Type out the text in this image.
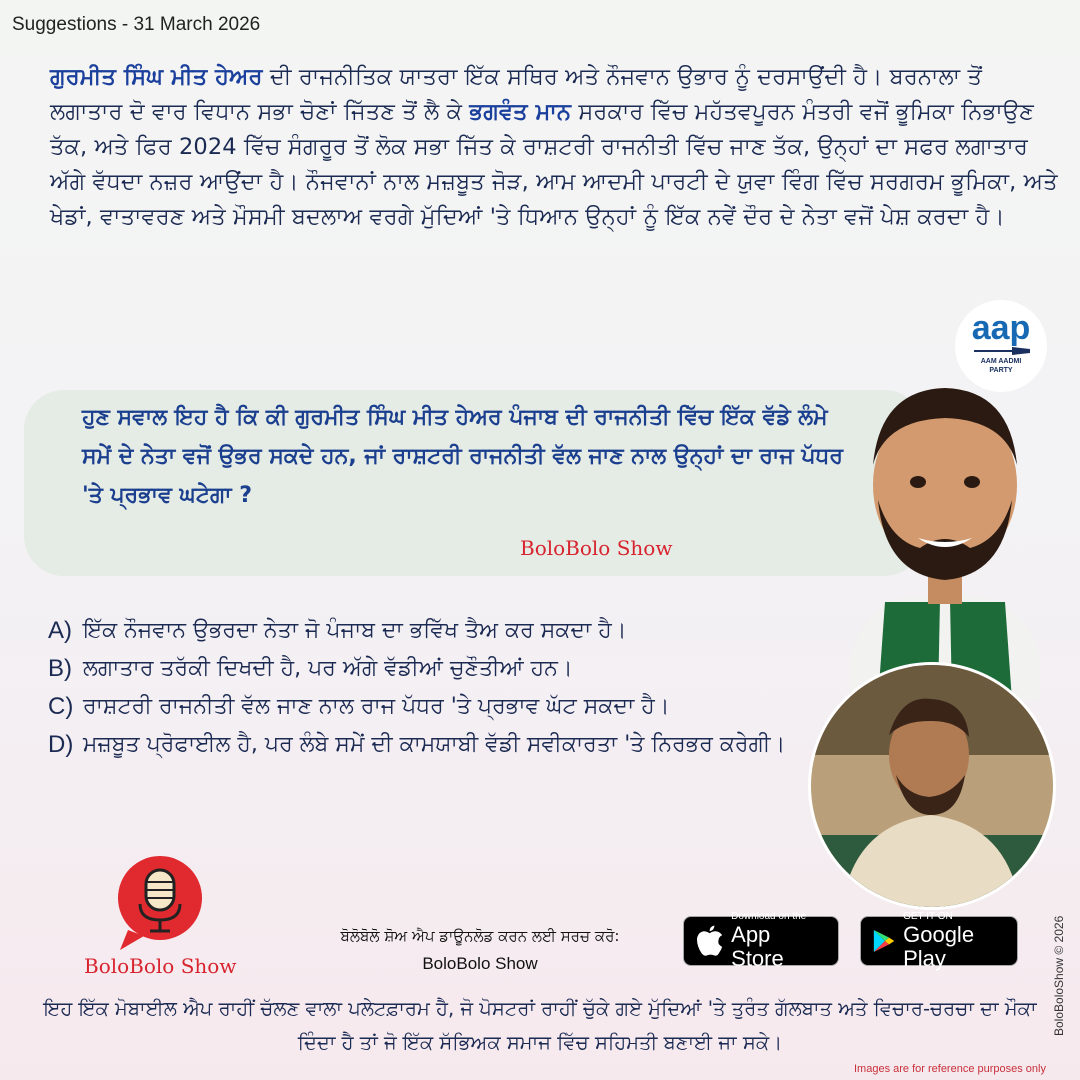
Suggestions - 31 March 2026
ਗੁਰਮੀਤ ਸਿੰਘ ਮੀਤ ਹੇਅਰ ਦੀ ਰਾਜਨੀਤਿਕ ਯਾਤਰਾ ਇੱਕ ਸਥਿਰ ਅਤੇ ਨੌਜਵਾਨ ਉਭਾਰ ਨੂੰ ਦਰਸਾਉਂਦੀ ਹੈ। ਬਰਨਾਲਾ ਤੋਂ ਲਗਾਤਾਰ ਦੋ ਵਾਰ ਵਿਧਾਨ ਸਭਾ ਚੋਣਾਂ ਜਿੱਤਣ ਤੋਂ ਲੈ ਕੇ ਭਗਵੰਤ ਮਾਨ ਸਰਕਾਰ ਵਿੱਚ ਮਹੱਤਵਪੂਰਨ ਮੰਤਰੀ ਵਜੋਂ ਭੂਮਿਕਾ ਨਿਭਾਉਣ ਤੱਕ, ਅਤੇ ਫਿਰ 2024 ਵਿੱਚ ਸੰਗਰੂਰ ਤੋਂ ਲੋਕ ਸਭਾ ਜਿੱਤ ਕੇ ਰਾਸ਼ਟਰੀ ਰਾਜਨੀਤੀ ਵਿੱਚ ਜਾਣ ਤੱਕ, ਉਨ੍ਹਾਂ ਦਾ ਸਫਰ ਲਗਾਤਾਰ ਅੱਗੇ ਵੱਧਦਾ ਨਜ਼ਰ ਆਉਂਦਾ ਹੈ। ਨੌਜਵਾਨਾਂ ਨਾਲ ਮਜ਼ਬੂਤ ਜੋੜ, ਆਮ ਆਦਮੀ ਪਾਰਟੀ ਦੇ ਯੁਵਾ ਵਿੰਗ ਵਿੱਚ ਸਰਗਰਮ ਭੂਮਿਕਾ, ਅਤੇ ਖੇਡਾਂ, ਵਾਤਾਵਰਣ ਅਤੇ ਮੌਸਮੀ ਬਦਲਾਅ ਵਰਗੇ ਮੁੱਦਿਆਂ 'ਤੇ ਧਿਆਨ ਉਨ੍ਹਾਂ ਨੂੰ ਇੱਕ ਨਵੇਂ ਦੌਰ ਦੇ ਨੇਤਾ ਵਜੋਂ ਪੇਸ਼ ਕਰਦਾ ਹੈ।
aap
AAM AADMI
PARTY
ਹੁਣ ਸਵਾਲ ਇਹ ਹੈ ਕਿ ਕੀ ਗੁਰਮੀਤ ਸਿੰਘ ਮੀਤ ਹੇਅਰ ਪੰਜਾਬ ਦੀ ਰਾਜਨੀਤੀ ਵਿੱਚ ਇੱਕ ਵੱਡੇ ਲੰਮੇ ਸਮੇਂ ਦੇ ਨੇਤਾ ਵਜੋਂ ਉਭਰ ਸਕਦੇ ਹਨ, ਜਾਂ ਰਾਸ਼ਟਰੀ ਰਾਜਨੀਤੀ ਵੱਲ ਜਾਣ ਨਾਲ ਉਨ੍ਹਾਂ ਦਾ ਰਾਜ ਪੱਧਰ 'ਤੇ ਪ੍ਰਭਾਵ ਘਟੇਗਾ ?
BoloBolo Show
A) ਇੱਕ ਨੌਜਵਾਨ ਉਭਰਦਾ ਨੇਤਾ ਜੋ ਪੰਜਾਬ ਦਾ ਭਵਿੱਖ ਤੈਅ ਕਰ ਸਕਦਾ ਹੈ।
B) ਲਗਾਤਾਰ ਤਰੱਕੀ ਦਿਖਦੀ ਹੈ, ਪਰ ਅੱਗੇ ਵੱਡੀਆਂ ਚੁਣੌਤੀਆਂ ਹਨ।
C) ਰਾਸ਼ਟਰੀ ਰਾਜਨੀਤੀ ਵੱਲ ਜਾਣ ਨਾਲ ਰਾਜ ਪੱਧਰ 'ਤੇ ਪ੍ਰਭਾਵ ਘੱਟ ਸਕਦਾ ਹੈ।
D) ਮਜ਼ਬੂਤ ਪ੍ਰੋਫਾਈਲ ਹੈ, ਪਰ ਲੰਬੇ ਸਮੇਂ ਦੀ ਕਾਮਯਾਬੀ ਵੱਡੀ ਸਵੀਕਾਰਤਾ 'ਤੇ ਨਿਰਭਰ ਕਰੇਗੀ।
BoloBolo Show
ਬੋਲੋਬੋਲੋ ਸ਼ੋਅ ਐਪ ਡਾਊਨਲੋਡ ਕਰਨ ਲਈ ਸਰਚ ਕਰੋ:
BoloBolo Show
Download on the
App Store
GET IT ON
Google Play
ਇਹ ਇੱਕ ਮੋਬਾਈਲ ਐਪ ਰਾਹੀਂ ਚੱਲਣ ਵਾਲਾ ਪਲੇਟਫ਼ਾਰਮ ਹੈ, ਜੋ ਪੋਸਟਰਾਂ ਰਾਹੀਂ ਚੁੱਕੇ ਗਏ ਮੁੱਦਿਆਂ 'ਤੇ ਤੁਰੰਤ ਗੱਲਬਾਤ ਅਤੇ ਵਿਚਾਰ-ਚਰਚਾ ਦਾ ਮੌਕਾ ਦਿੰਦਾ ਹੈ ਤਾਂ ਜੋ ਇੱਕ ਸੱਭਿਅਕ ਸਮਾਜ ਵਿੱਚ ਸਹਿਮਤੀ ਬਣਾਈ ਜਾ ਸਕੇ।
BoloBoloShow © 2026
Images are for reference purposes only
